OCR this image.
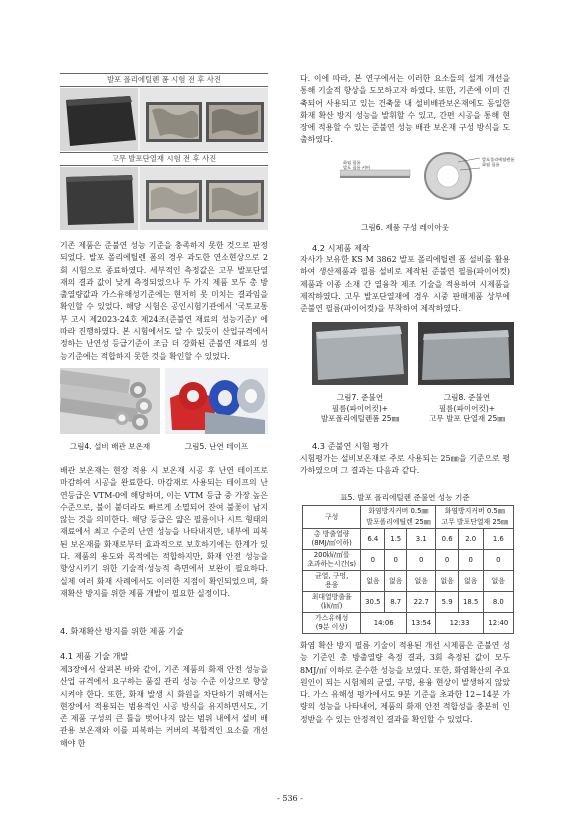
발포 폴리에틸렌 폼 시험 전 후 사진
고무 발포단열재 시험 전 후 사진

기존 제품은 준불연 성능 기준을 충족하지 못한 것으로 판정되었다. 발포 폴리에틸렌 폼의 경우 과도한 연소현상으로 2회 시험으로 종료하였다. 세부적인 측정값은 고무 발포단열재의 결과 값이 낮게 측정되었으나 두 가지 제품 모두 총 방출열량값과 가스유해성기준에는 현저히 못 미치는 결과임을 확인할 수 있었다. 해당 시험은 공인시험기관에서 '국토교통부 고시 제2023-24호 제24조(준불연 재료의 성능기준)' 에 따라 진행하였다. 본 시험에서도 알 수 있듯이 산업규격에서 정하는 난연성 등급기준이 조금 더 강화된 준불연 재료의 성능기준에는 적합하지 못한 것을 확인할 수 있었다.

그림4. 설비 배관 보온재	그림5. 난연 테이프

배관 보온재는 현장 적용 시 보온재 시공 후 난연 테이프로 마감하여 시공을 완료한다. 마감재로 사용되는 테이프의 난연등급은 VTM-0에 해당하며, 이는 VTM 등급 중 가장 높은 수준으로, 불이 붙더라도 빠르게 소멸되어 잔여 불꽃이 남지 않는 것을 의미한다. 해당 등급은 얇은 필름이나 시트 형태의 재료에서 최고 수준의 난연 성능을 나타내지만, 내부에 피복된 보온재를 화재로부터 효과적으로 보호하기에는 한계가 있다. 제품의 용도와 목적에는 적합하지만, 화재 안전 성능을 향상시키기 위한 기술적·성능적 측면에서 보완이 필요하다. 실제 여러 화재 사례에서도 이러한 지점이 확인되었으며, 화재확산 방지를 위한 제품 개발이 필요한 실정이다.

4. 화재확산 방지를 위한 제품 기술
4.1 제품 기술 개발

제3장에서 살펴본 바와 같이, 기존 제품의 화재 안전 성능을 산업 규격에서 요구하는 품질 관리 성능 수준 이상으로 향상시켜야 한다. 또한, 화재 발생 시 화원을 차단하기 위해서는 현장에서 적용되는 범용적인 시공 방식을 유지하면서도, 기존 제품 구성의 큰 틀을 벗어나지 않는 범위 내에서 설비 배관용 보온재와 이를 피복하는 커버의 복합적인 요소를 개선해야 한

다. 이에 따라, 본 연구에서는 이러한 요소들의 설계 개선을 통해 기술적 향상을 도모하고자 하였다. 또한, 기존에 이미 건축되어 사용되고 있는 건축물 내 설비배관보온재에도 동일한 화재 확산 방지 성능을 발휘할 수 있고, 간편 시공을 통해 현장에 적용할 수 있는 준불연 성능 배관 보온재 구성 방식을 도출하였다.

화염 필름
발포 필름 커버
발포폴리에틸렌폼
화염 필름
그림6. 제품 구성 레이아웃
4.2 시제품 제작

자사가 보유한 KS M 3862 발포 폴리에틸렌 폼 설비를 활용하여 생산제품과 필름 설비로 제작된 준불연 필름(파이어컷)제품과 이종 소재 간 열융착 제조 기술을 적용하여 시제품을 제작하였다. 고무 발포단열재에 경우 시중 판매제품 상부에 준불연 필름(파이어컷)을 부착하여 제작하였다.

그림7. 준불연
필름(파이어컷)+
발포폴리에틸렌폼 25㎜
그림8. 준불연
필름(파이어컷)+
고무 발포 단열재 25㎜
4.3 준불연 시험 평가

시험평가는 설비보온재로 주로 사용되는 25㎜을 기준으로 평가하였으며 그 결과는 다음과 같다.

표5. 발포 폴리에틸렌 준불연 성능 기준
구성	화염방지커버 0.5㎜			화염방지커버 0.5㎜		
	발포폴리에틸렌 25㎜			고무 발포단열재 25㎜		
총 방출열량
(8MJ/㎡이하)	6.4	1.5	3.1	0.6	2.0	1.6
200㎾/㎡를
초과하는시간(s)	0	0	0	0	0	0
균열, 구멍,
용융	없음	없음	없음	없음	없음	없음
최대열방출율
(㎾/㎡)	30.5	8.7	22.7	5.9	18.5	8.0
가스유해성
(9분 이상)	14:06		13:54	12:33		12:40

화염 확산 방지 필름 기술이 적용된 개선 시제품은 준불연 성능 기준인 총 방출열량 측정 결과, 3회 측정된 값이 모두 8MJ/㎡ 이하로 준수한 성능을 보였다. 또한, 화염확산의 주요 원인이 되는 시험체의 균열, 구멍, 용융 현상이 발생하지 않았다. 가스 유해성 평가에서도 9분 기준을 초과한 12~14분 가량의 성능을 나타내어, 제품의 화재 안전 적합성을 충분히 인정받을 수 있는 안정적인 결과를 확인할 수 있었다.

- 536 -
